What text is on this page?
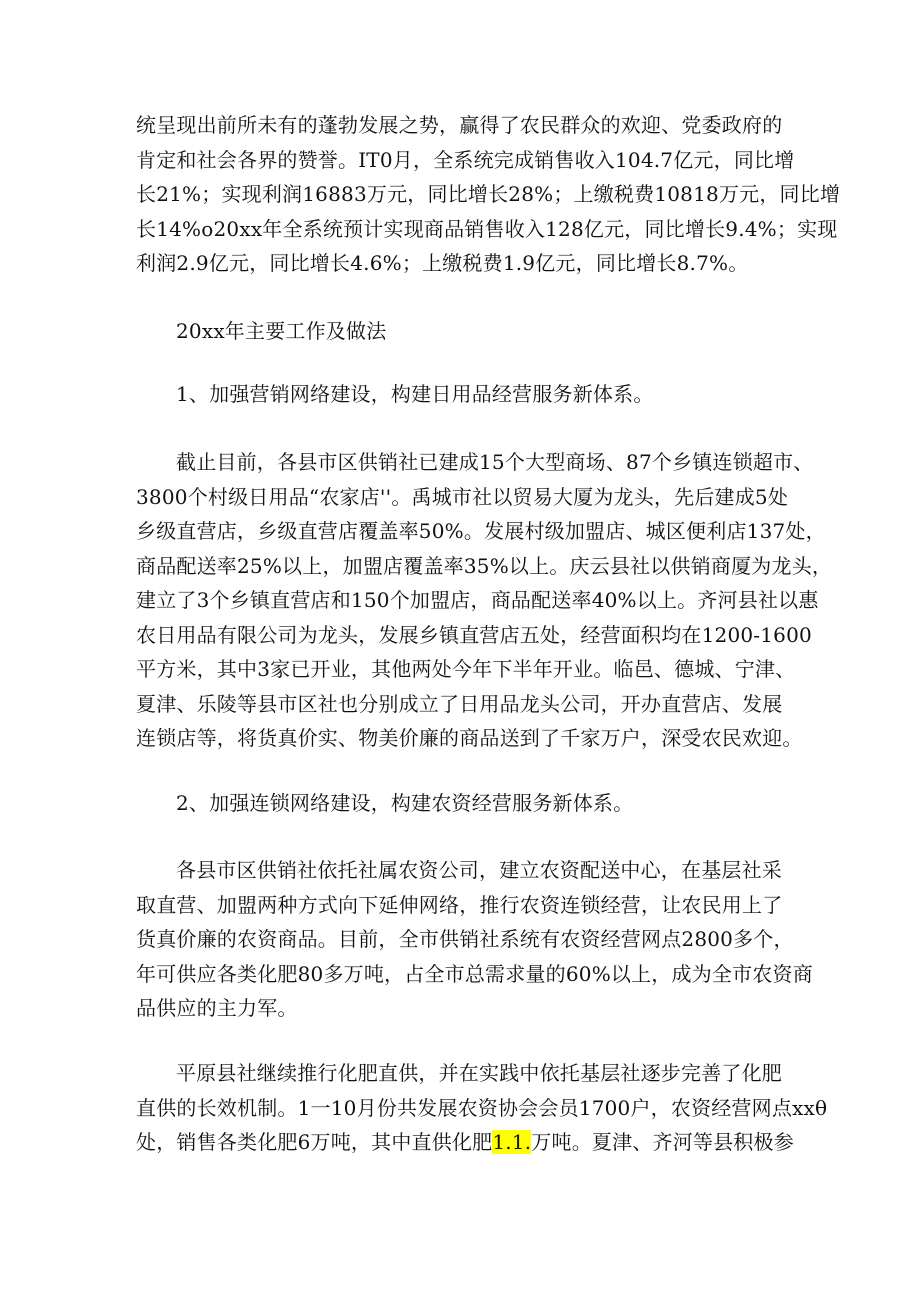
统呈现出前所未有的蓬勃发展之势，赢得了农民群众的欢迎、党委政府的

肯定和社会各界的赞誉。IT0月，全系统完成销售收入104.7亿元，同比增

长21%；实现利润16883万元，同比增长28%；上缴税费10818万元，同比增

长14%o20xx年全系统预计实现商品销售收入128亿元，同比增长9.4%；实现

利润2.9亿元，同比增长4.6%；上缴税费1.9亿元，同比增长8.7%。

20xx年主要工作及做法

1、加强营销网络建设，构建日用品经营服务新体系。

截止目前，各县市区供销社已建成15个大型商场、87个乡镇连锁超市、

3800个村级日用品“农家店''。禹城市社以贸易大厦为龙头，先后建成5处

乡级直营店，乡级直营店覆盖率50%。发展村级加盟店、城区便利店137处，

商品配送率25%以上，加盟店覆盖率35%以上。庆云县社以供销商厦为龙头，

建立了3个乡镇直营店和150个加盟店，商品配送率40%以上。齐河县社以惠

农日用品有限公司为龙头，发展乡镇直营店五处，经营面积均在1200-1600

平方米，其中3家已开业，其他两处今年下半年开业。临邑、德城、宁津、

夏津、乐陵等县市区社也分别成立了日用品龙头公司，开办直营店、发展

连锁店等，将货真价实、物美价廉的商品送到了千家万户，深受农民欢迎。

2、加强连锁网络建设，构建农资经营服务新体系。

各县市区供销社依托社属农资公司，建立农资配送中心，在基层社采

取直营、加盟两种方式向下延伸网络，推行农资连锁经营，让农民用上了

货真价廉的农资商品。目前，全市供销社系统有农资经营网点2800多个，

年可供应各类化肥80多万吨，占全市总需求量的60%以上，成为全市农资商

品供应的主力军。

平原县社继续推行化肥直供，并在实践中依托基层社逐步完善了化肥

直供的长效机制。1一10月份共发展农资协会会员1700户，农资经营网点xxθ

处，销售各类化肥6万吨，其中直供化肥1.1.万吨。夏津、齐河等县积极参
